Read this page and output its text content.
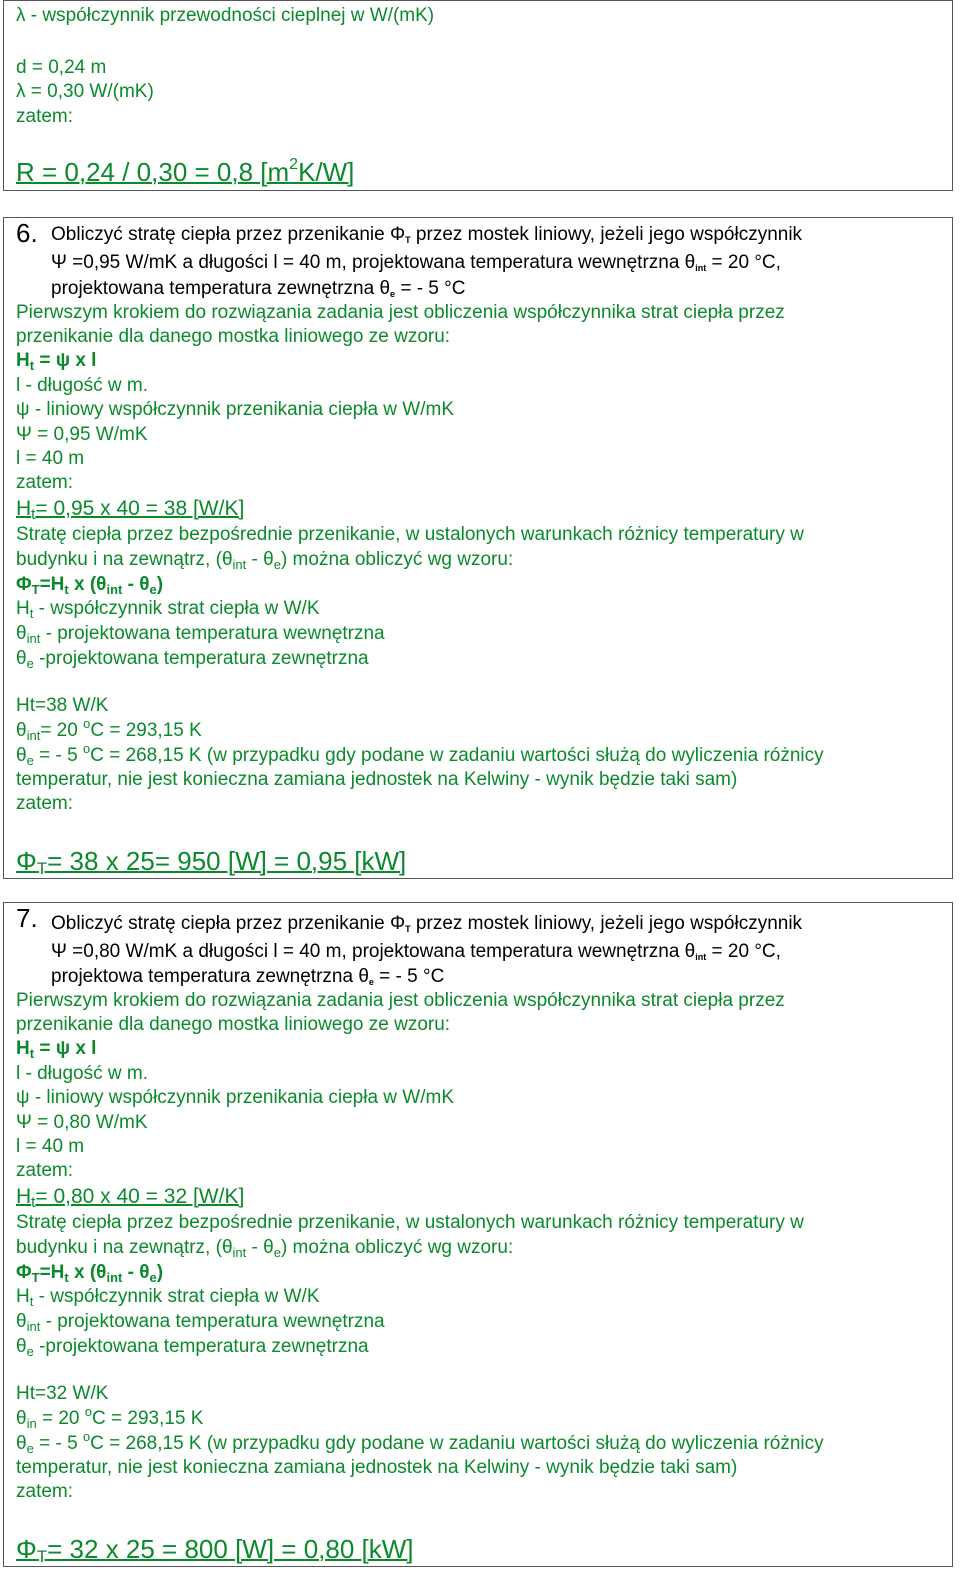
λ - współczynnik przewodności cieplnej w W/(mK)
d = 0,24 m
λ = 0,30 W/(mK)
zatem:
R = 0,24 / 0,30 = 0,8 $[m^2K/W]$
6. Obliczyć stratę ciepła przez przenikanie $\Phi_T$ przez mostek liniowy, jeżeli jego współczynnik
Ψ =0,95 W/mK a długości l = 40 m, projektowana temperatura wewnętrzna $\theta_{int} = 20$ °C,
projektowana temperatura zewnętrzna $\theta_e$ = - 5 °C
Pierwszym krokiem do rozwiązania zadania jest obliczenia współczynnika strat ciepła przez
przenikanie dla danego mostka liniowego ze wzoru:
$H_t = \psi$ x l
l - długość w m.
ψ - liniowy współczynnik przenikania ciepła w W/mK
Ψ = 0,95 W/mK
l = 40 m
zatem:
$H_t= 0,95$ x 40 = 38 [W/K]
Stratę ciepła przez bezpośrednie przenikanie, w ustalonych warunkach różnicy temperatury w
budynku i na zewnątrz, $(\theta_{int} - \theta_e)$ można obliczyć wg wzoru:
$\Phi_T=H_t$ x $(\theta_{int} - \theta_e)$
$H_t$ - współczynnik strat ciepła w W/K
$\theta_{int}$ - projektowana temperatura wewnętrzna
$\theta_e$ -projektowana temperatura zewnętrzna
Ht=38 W/K
$\theta_{int}= 20$ $^o$C = 293,15 K
$\theta_e$ = - 5 $^o$C = 268,15 K (w przypadku gdy podane w zadaniu wartości służą do wyliczenia różnicy
temperatur, nie jest konieczna zamiana jednostek na Kelwiny - wynik będzie taki sam)
zatem:
$\Phi_T= 38$ x 25= 950 [W] = 0,95 [kW]
7. Obliczyć stratę ciepła przez przenikanie $\Phi_T$ przez mostek liniowy, jeżeli jego współczynnik
Ψ =0,80 W/mK a długości l = 40 m, projektowana temperatura wewnętrzna $\theta_{int} = 20$ °C,
projektowa temperatura zewnętrzna $\theta_e$ = - 5 °C
Pierwszym krokiem do rozwiązania zadania jest obliczenia współczynnika strat ciepła przez
przenikanie dla danego mostka liniowego ze wzoru:
$H_t = \psi$ x l
l - długość w m.
ψ - liniowy współczynnik przenikania ciepła w W/mK
Ψ = 0,80 W/mK
l = 40 m
zatem:
$H_t= 0,80$ x 40 = 32 [W/K]
Stratę ciepła przez bezpośrednie przenikanie, w ustalonych warunkach różnicy temperatury w
budynku i na zewnątrz, $(\theta_{int} - \theta_e)$ można obliczyć wg wzoru:
$\Phi_T=H_t$ x $(\theta_{int} - \theta_e)$
$H_t$ - współczynnik strat ciepła w W/K
$\theta_{int}$ - projektowana temperatura wewnętrzna
$\theta_e$ -projektowana temperatura zewnętrzna
Ht=32 W/K
$\theta_{in} = 20$ $^o$C = 293,15 K
$\theta_e$ = - 5 $^o$C = 268,15 K (w przypadku gdy podane w zadaniu wartości służą do wyliczenia różnicy
temperatur, nie jest konieczna zamiana jednostek na Kelwiny - wynik będzie taki sam)
zatem:
$\Phi_T= 32$ x 25 = 800 [W] = 0,80 [kW]
